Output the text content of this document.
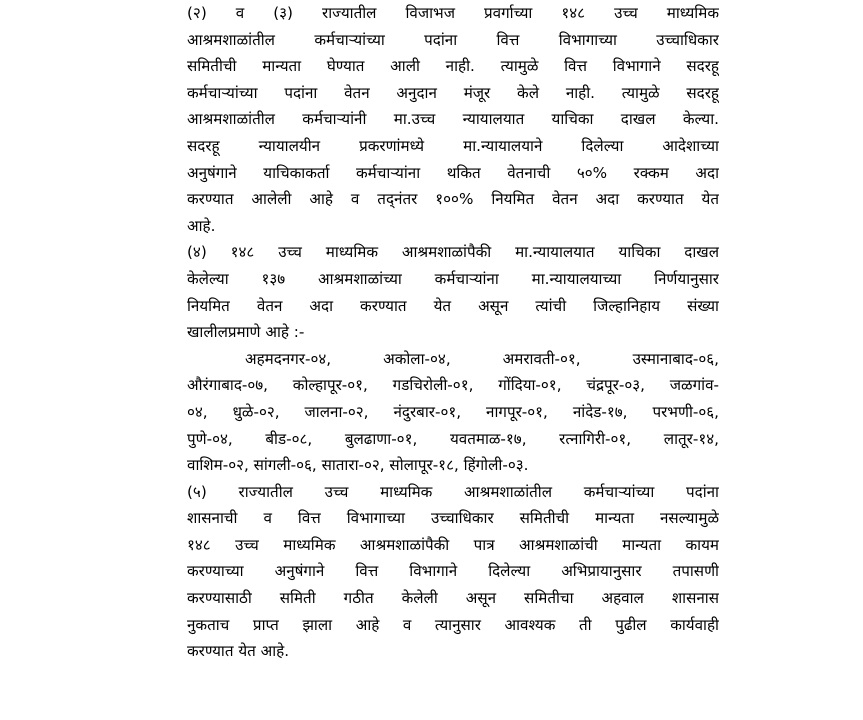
(२) व (३) राज्यातील विजाभज प्रवर्गाच्या १४८ उच्च माध्यमिक
आश्रमशाळांतील कर्मचाऱ्यांच्या पदांना वित्त विभागाच्या उच्चाधिकार
समितीची मान्यता घेण्यात आली नाही. त्यामुळे वित्त विभागाने सदरहू
कर्मचाऱ्यांच्या पदांना वेतन अनुदान मंजूर केले नाही. त्यामुळे सदरहू
आश्रमशाळांतील कर्मचाऱ्यांनी मा.उच्च न्यायालयात याचिका दाखल केल्या.
सदरहू न्यायालयीन प्रकरणांमध्ये मा.न्यायालयाने दिलेल्या आदेशाच्या
अनुषंगाने याचिकाकर्ता कर्मचाऱ्यांना थकित वेतनाची ५०% रक्कम अदा
करण्यात आलेली आहे व तद्नंतर १००% नियमित वेतन अदा करण्यात येत
आहे.
(४) १४८ उच्च माध्यमिक आश्रमशाळांपैकी मा.न्यायालयात याचिका दाखल
केलेल्या १३७ आश्रमशाळांच्या कर्मचाऱ्यांना मा.न्यायालयाच्या निर्णयानुसार
नियमित वेतन अदा करण्यात येत असून त्यांची जिल्हानिहाय संख्या
खालीलप्रमाणे आहे :-
अहमदनगर-०४, अकोला-०४, अमरावती-०१, उस्मानाबाद-०६,
औरंगाबाद-०७, कोल्हापूर-०१, गडचिरोली-०१, गोंदिया-०१, चंद्रपूर-०३, जळगांव-
०४, धुळे-०२, जालना-०२, नंदुरबार-०१, नागपूर-०१, नांदेड-१७, परभणी-०६,
पुणे-०४, बीड-०८, बुलढाणा-०१, यवतमाळ-१७, रत्नागिरी-०१, लातूर-१४,
वाशिम-०२, सांगली-०६, सातारा-०२, सोलापूर-१८, हिंगोली-०३.
(५) राज्यातील उच्च माध्यमिक आश्रमशाळांतील कर्मचाऱ्यांच्या पदांना
शासनाची व वित्त विभागाच्या उच्चाधिकार समितीची मान्यता नसल्यामुळे
१४८ उच्च माध्यमिक आश्रमशाळांपैकी पात्र आश्रमशाळांची मान्यता कायम
करण्याच्या अनुषंगाने वित्त विभागाने दिलेल्या अभिप्रायानुसार तपासणी
करण्यासाठी समिती गठीत केलेली असून समितीचा अहवाल शासनास
नुकताच प्राप्त झाला आहे व त्यानुसार आवश्यक ती पुढील कार्यवाही
करण्यात येत आहे.
